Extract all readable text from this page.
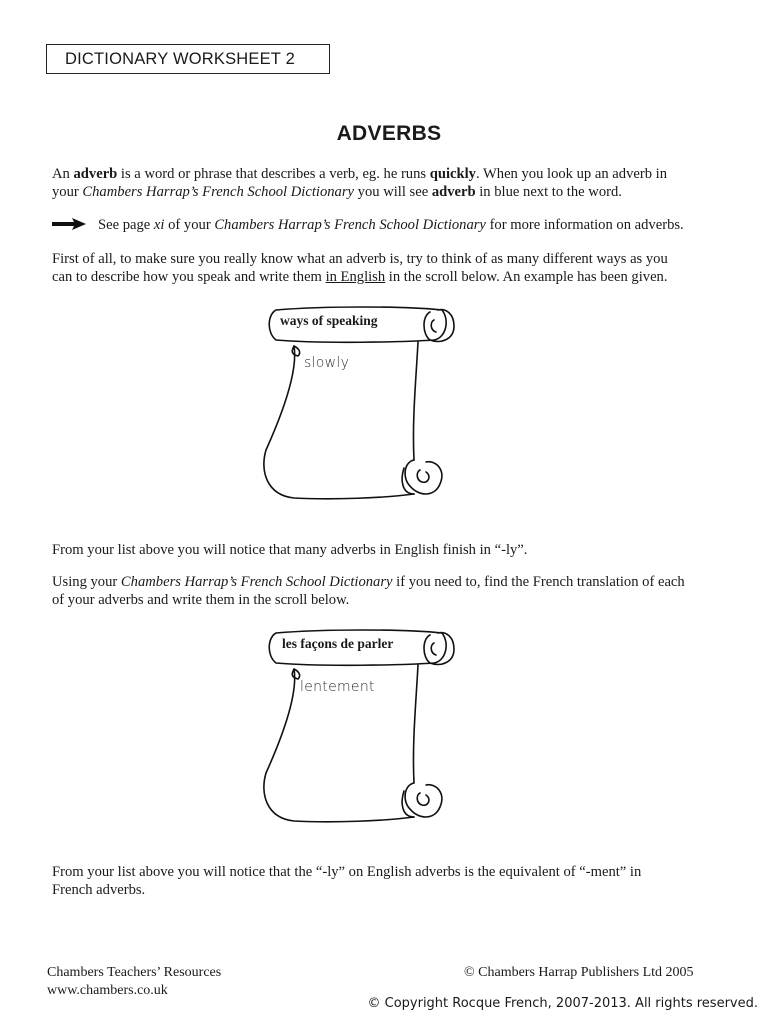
DICTIONARY WORKSHEET 2
ADVERBS
An adverb is a word or phrase that describes a verb, eg. he runs quickly. When you look up an adverb in
your Chambers Harrap’s French School Dictionary you will see adverb in blue next to the word.
See page xi of your Chambers Harrap’s French School Dictionary for more information on adverbs.
First of all, to make sure you really know what an adverb is, try to think of as many different ways as you
can to describe how you speak and write them in English in the scroll below. An example has been given.
ways of speaking
slowly
From your list above you will notice that many adverbs in English finish in “-ly”.
Using your Chambers Harrap’s French School Dictionary if you need to, find the French translation of each
of your adverbs and write them in the scroll below.
les façons de parler
lentement
From your list above you will notice that the “-ly” on English adverbs is the equivalent of “-ment” in
French adverbs.
Chambers Teachers’ Resources
www.chambers.co.uk
© Chambers Harrap Publishers Ltd 2005
© Copyright Rocque French, 2007-2013. All rights reserved.
